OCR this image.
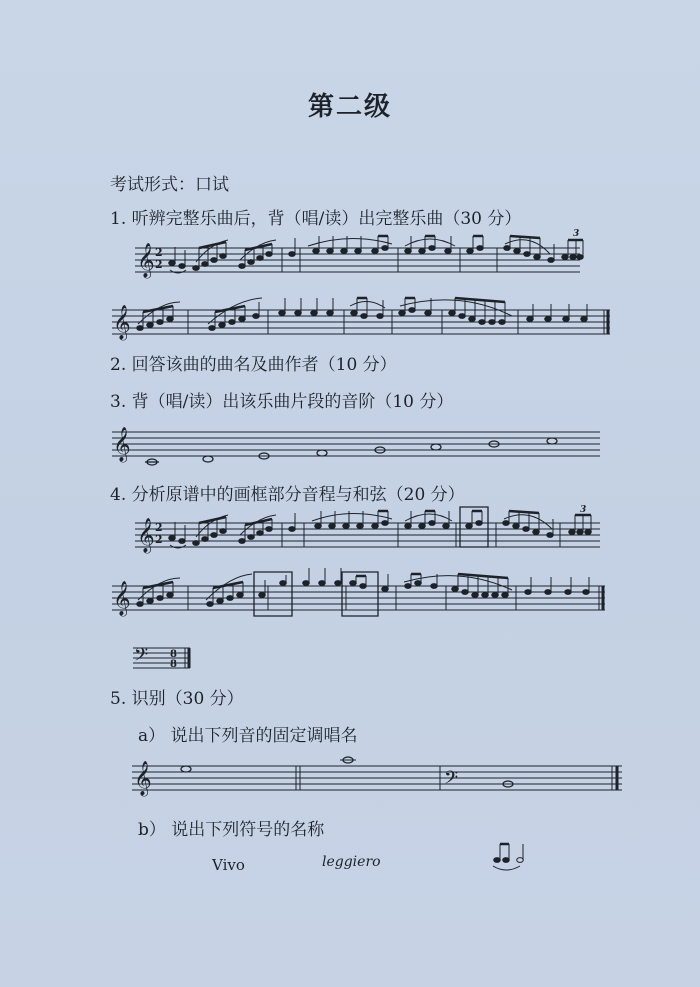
第二级
考试形式：口试
1. 听辨完整乐曲后，背（唱/读）出完整乐曲（30 分）
𝄞 2
2
3
𝄞
𝄞
𝄞 2
2
3
𝄞
𝄢 8
8
𝄞	𝄢
2. 回答该曲的曲名及曲作者（10 分）
3. 背（唱/读）出该乐曲片段的音阶（10 分）
4. 分析原谱中的画框部分音程与和弦（20 分）
5. 识别（30 分）
a） 说出下列音的固定调唱名
b） 说出下列符号的名称
Vivo	leggiero
